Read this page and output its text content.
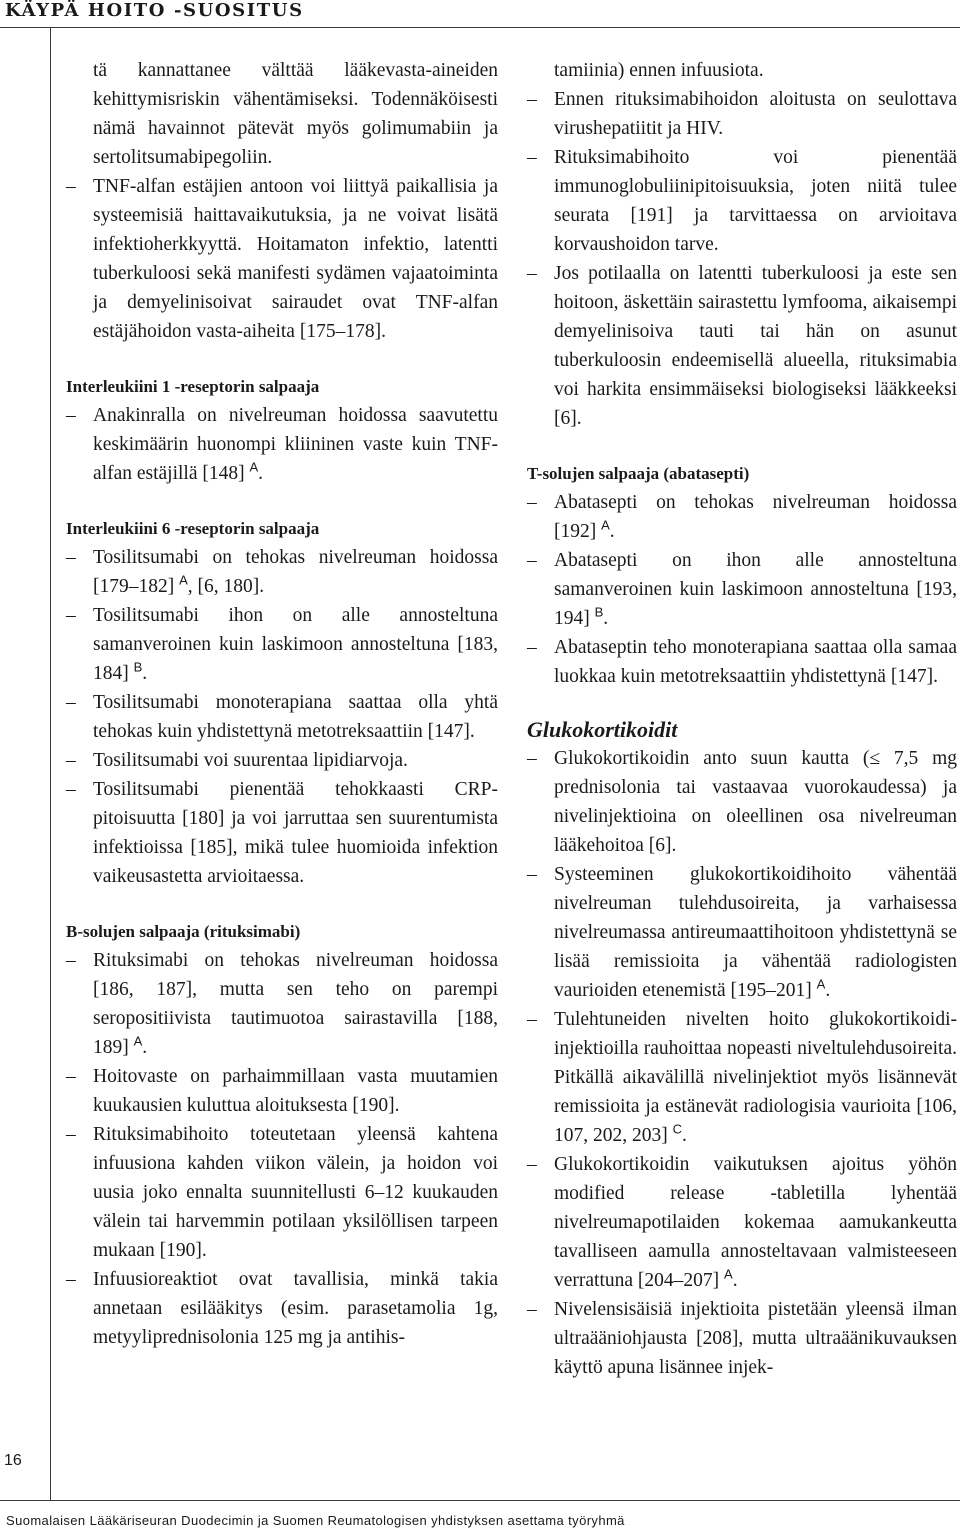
KÄYPÄ HOITO -SUOSITUS
16

tä kannattanee välttää lääkevasta-aineiden kehittymisriskin vähentämiseksi. Todennäköisesti nämä havainnot pätevät myös golimumabiin ja sertolitsumabipegoliin.

– TNF-alfan estäjien antoon voi liittyä paikallisia ja systeemisiä haittavaikutuksia, ja ne voivat lisätä infektioherkkyyttä. Hoitamaton infektio, latentti tuberkuloosi sekä manifesti sydämen vajaatoiminta ja demyelinisoivat sairaudet ovat TNF-alfan estäjähoidon vasta-aiheita [175–178].

Interleukiini 1 -reseptorin salpaaja

– Anakinralla on nivelreuman hoidossa saavutettu keskimäärin huonompi kliininen vaste kuin TNF-alfan estäjillä [148] $^A$.

Interleukiini 6 -reseptorin salpaaja

– Tosilitsumabi on tehokas nivelreuman hoidossa [179–182] $^A$, [6, 180].

– Tosilitsumabi ihon on alle annosteltuna samanveroinen kuin laskimoon annosteltuna [183, 184] $^B$.

– Tosilitsumabi monoterapiana saattaa olla yhtä tehokas kuin yhdistettynä metotreksaattiin [147].

– Tosilitsumabi voi suurentaa lipidiarvoja.

– Tosilitsumabi pienentää tehokkaasti CRP-pitoisuutta [180] ja voi jarruttaa sen suurentumista infektioissa [185], mikä tulee huomioida infektion vaikeusastetta arvioitaessa.

B-solujen salpaaja (rituksimabi)

– Rituksimabi on tehokas nivelreuman hoidossa [186, 187], mutta sen teho on parempi seropositiivista tautimuotoa sairastavilla [188, 189] $^A$.

– Hoitovaste on parhaimmillaan vasta muutamien kuukausien kuluttua aloituksesta [190].

– Rituksimabihoito toteutetaan yleensä kahtena infuusiona kahden viikon välein, ja hoidon voi uusia joko ennalta suunnitellusti 6–12 kuukauden välein tai harvemmin potilaan yksilöllisen tarpeen mukaan [190].

– Infuusioreaktiot ovat tavallisia, minkä takia annetaan esilääkitys (esim. parasetamolia 1g, metyyliprednisolonia 125 mg ja antihis-

tamiinia) ennen infuusiota.

– Ennen rituksimabihoidon aloitusta on seulottava virushepatiitit ja HIV.

– Rituksimabihoito voi pienentää immunoglobuliinipitoisuuksia, joten niitä tulee seurata [191] ja tarvittaessa on arvioitava korvaushoidon tarve.

– Jos potilaalla on latentti tuberkuloosi ja este sen hoitoon, äskettäin sairastettu lymfooma, aikaisempi demyelinisoiva tauti tai hän on asunut tuberkuloosin endeemisellä alueella, rituksimabia voi harkita ensimmäiseksi biologiseksi lääkkeeksi [6].

T-solujen salpaaja (abatasepti)

– Abatasepti on tehokas nivelreuman hoidossa [192] $^A$.

– Abatasepti on ihon alle annosteltuna samanveroinen kuin laskimoon annosteltuna [193, 194] $^B$.

– Abataseptin teho monoterapiana saattaa olla samaa luokkaa kuin metotreksaattiin yhdistettynä [147].

Glukokortikoidit

– Glukokortikoidin anto suun kautta (≤ 7,5 mg prednisolonia tai vastaavaa vuorokaudessa) ja nivelinjektioina on oleellinen osa nivelreuman lääkehoitoa [6].

– Systeeminen glukokortikoidihoito vähentää nivelreuman tulehdusoireita, ja varhaisessa nivelreumassa antireumaattihoitoon yhdistettynä se lisää remissioita ja vähentää radiologisten vaurioiden etenemistä [195–201] $^A$.

– Tulehtuneiden nivelten hoito glukokortikoidi-injektioilla rauhoittaa nopeasti niveltulehdusoireita. Pitkällä aikavälillä nivelinjektiot myös lisännevät remissioita ja estänevät radiologisia vaurioita [106, 107, 202, 203] $^C$.

– Glukokortikoidin vaikutuksen ajoitus yöhön modified release -tabletilla lyhentää nivelreumapotilaiden kokemaa aamukankeutta tavalliseen aamulla annosteltavaan valmisteeseen verrattuna [204–207] $^A$.

– Nivelensisäisiä injektioita pistetään yleensä ilman ultraääniohjausta [208], mutta ultraäänikuvauksen käyttö apuna lisännee injek-

Suomalaisen Lääkäriseuran Duodecimin ja Suomen Reumatologisen yhdistyksen asettama työryhmä
